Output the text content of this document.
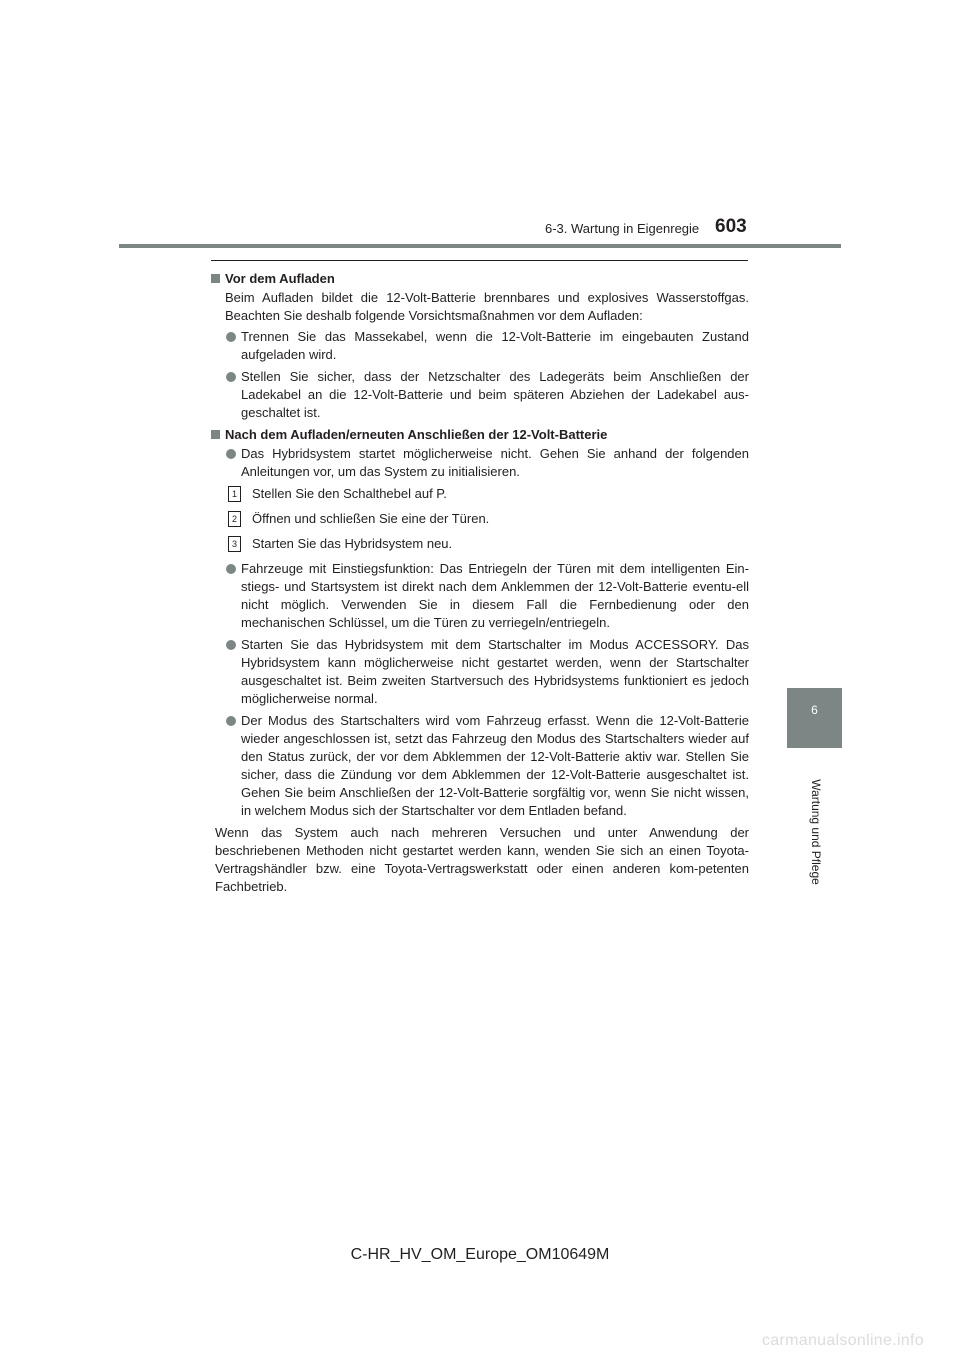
6-3. Wartung in Eigenregie 603
6
Wartung und Pflege
Vor dem Aufladen
Beim Aufladen bildet die 12-Volt-Batterie brennbares und explosives Wasserstoffgas. Beachten Sie deshalb folgende Vorsichtsmaßnahmen vor dem Aufladen:
Trennen Sie das Massekabel, wenn die 12-Volt-Batterie im eingebauten Zustand aufgeladen wird.
Stellen Sie sicher, dass der Netzschalter des Ladegeräts beim Anschließen der Ladekabel an die 12-Volt-Batterie und beim späteren Abziehen der Ladekabel aus-geschaltet ist.
Nach dem Aufladen/erneuten Anschließen der 12-Volt-Batterie
Das Hybridsystem startet möglicherweise nicht. Gehen Sie anhand der folgenden Anleitungen vor, um das System zu initialisieren.
1	Stellen Sie den Schalthebel auf P.
2	Öffnen und schließen Sie eine der Türen.
3	Starten Sie das Hybridsystem neu.
Fahrzeuge mit Einstiegsfunktion: Das Entriegeln der Türen mit dem intelligenten Ein-stiegs- und Startsystem ist direkt nach dem Anklemmen der 12-Volt-Batterie eventu-ell nicht möglich. Verwenden Sie in diesem Fall die Fernbedienung oder den mechanischen Schlüssel, um die Türen zu verriegeln/entriegeln.
Starten Sie das Hybridsystem mit dem Startschalter im Modus ACCESSORY. Das Hybridsystem kann möglicherweise nicht gestartet werden, wenn der Startschalter ausgeschaltet ist. Beim zweiten Startversuch des Hybridsystems funktioniert es jedoch möglicherweise normal.
Der Modus des Startschalters wird vom Fahrzeug erfasst. Wenn die 12-Volt-Batterie wieder angeschlossen ist, setzt das Fahrzeug den Modus des Startschalters wieder auf den Status zurück, der vor dem Abklemmen der 12-Volt-Batterie aktiv war. Stellen Sie sicher, dass die Zündung vor dem Abklemmen der 12-Volt-Batterie ausgeschaltet ist. Gehen Sie beim Anschließen der 12-Volt-Batterie sorgfältig vor, wenn Sie nicht wissen, in welchem Modus sich der Startschalter vor dem Entladen befand.
Wenn das System auch nach mehreren Versuchen und unter Anwendung der beschriebenen Methoden nicht gestartet werden kann, wenden Sie sich an einen Toyota-Vertragshändler bzw. eine Toyota-Vertragswerkstatt oder einen anderen kom-petenten Fachbetrieb.
C-HR_HV_OM_Europe_OM10649M
carmanualsonline.info
